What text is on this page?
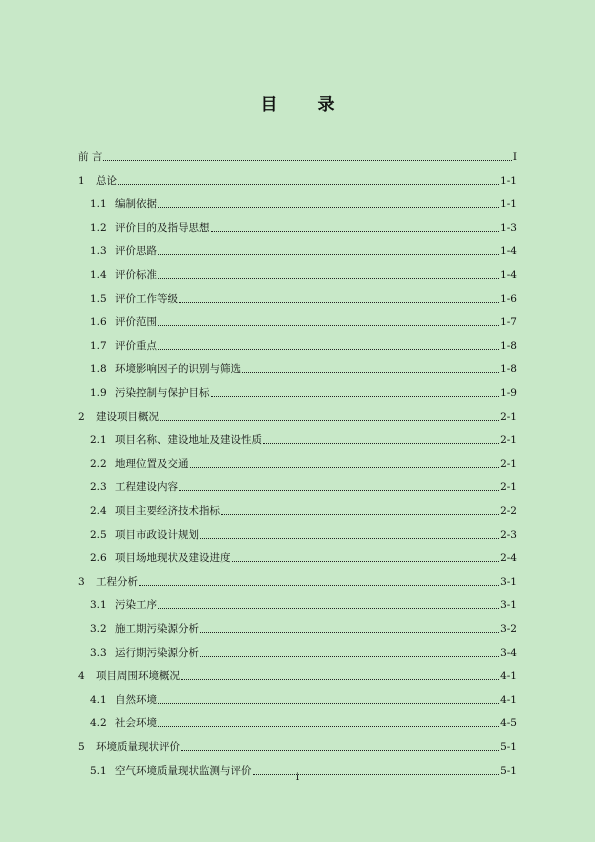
目 录
前 言	I
1	总论	1-1
1.1 编制依据	1-1
1.2 评价目的及指导思想	1-3
1.3 评价思路	1-4
1.4 评价标准	1-4
1.5 评价工作等级	1-6
1.6 评价范围	1-7
1.7 评价重点	1-8
1.8 环境影响因子的识别与筛选	1-8
1.9 污染控制与保护目标	1-9
2	建设项目概况	2-1
2.1 项目名称、建设地址及建设性质	2-1
2.2 地理位置及交通	2-1
2.3 工程建设内容	2-1
2.4 项目主要经济技术指标	2-2
2.5 项目市政设计规划	2-3
2.6 项目场地现状及建设进度	2-4
3	工程分析	3-1
3.1 污染工序	3-1
3.2 施工期污染源分析	3-2
3.3 运行期污染源分析	3-4
4	项目周围环境概况	4-1
4.1 自然环境	4-1
4.2 社会环境	4-5
5	环境质量现状评价	5-1
5.1 空气环境质量现状监测与评价	5-1
i
